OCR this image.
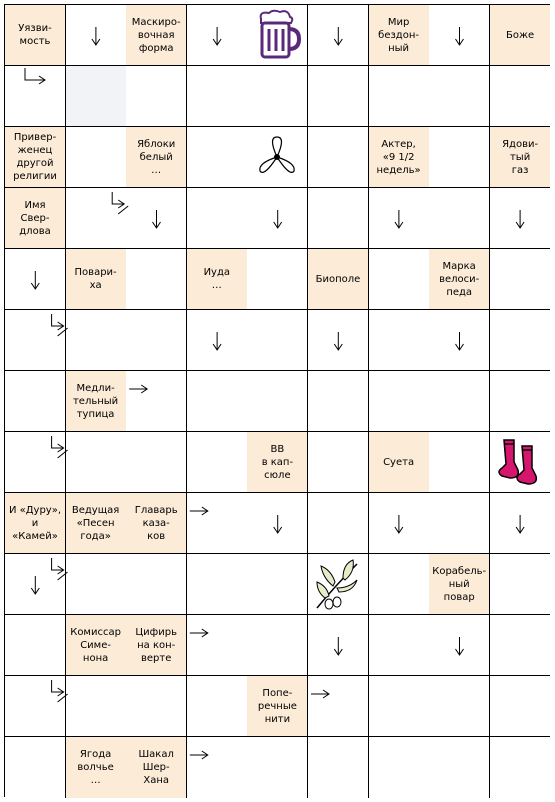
Уязви-
мость
Маскиро-
вочная
форма
Мир
бездон-
ный
Боже
Привер-
женец
другой
религии
Яблоки
белый
…
Актер,
«9 1/2
недель»
Ядови-
тый
газ
Имя
Свер-
длова
Повари-
ха
Иуда
…
Биополе
Марка
велоси-
педа
Медли-
тельный
тупица
ВВ
в кап-
сюле
Суета
И «Дуру»,
и
«Камей»
Ведущая
«Песен
года»
Главарь
каза-
ков
Корабель-
ный
повар
Комиссар
Симе-
нона
Цифирь
на кон-
верте
Попе-
речные
нити
Ягода
волчье
…
Шакал
Шер-
Хана
